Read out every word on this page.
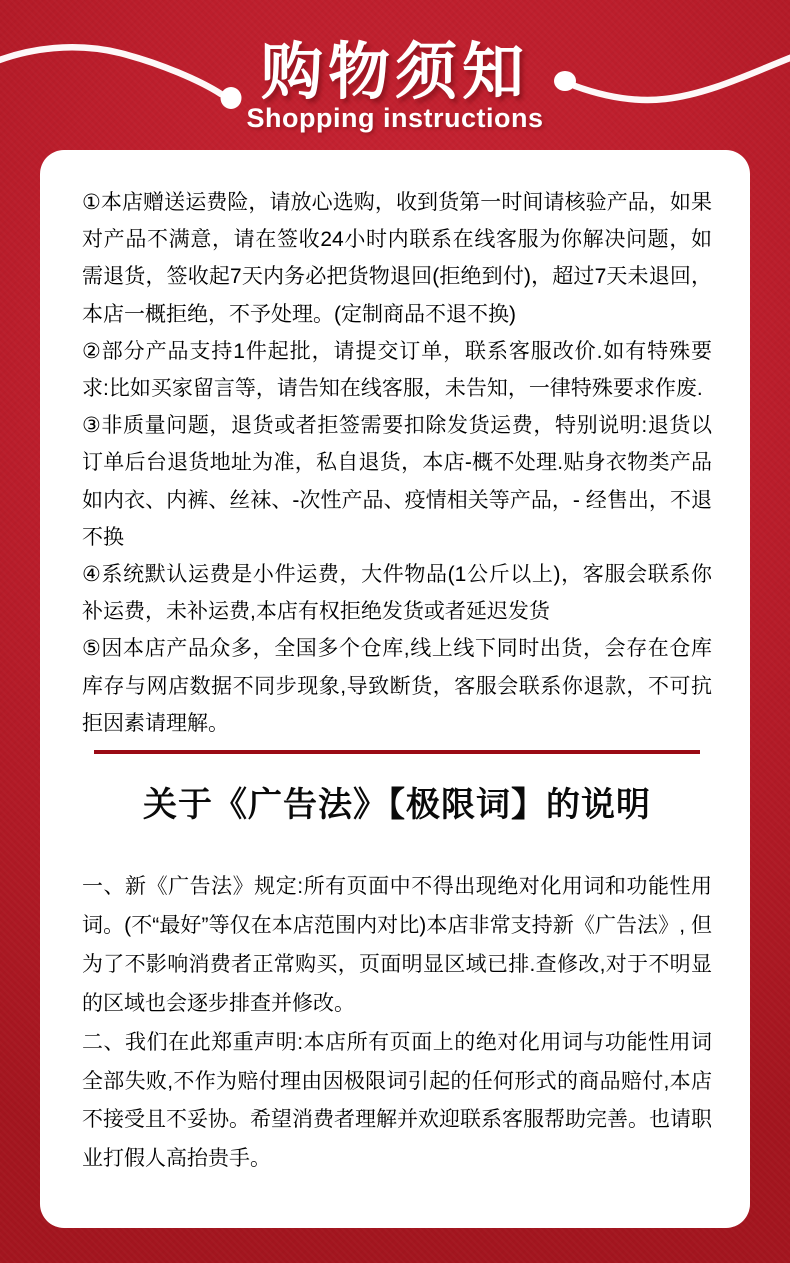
购物须知
Shopping instructions

①本店赠送运费险，请放心选购，收到货第一时间请核验产品，如果对产品不满意，请在签收24小时内联系在线客服为你解决问题，如需退货，签收起7天内务必把货物退回(拒绝到付)，超过7天未退回，本店一概拒绝，不予处理。(定制商品不退不换)

②部分产品支持1件起批，请提交订单，联系客服改价.如有特殊要求:比如买家留言等，请告知在线客服，未告知，一律特殊要求作废.

③非质量问题，退货或者拒签需要扣除发货运费，特别说明:退货以订单后台退货地址为准，私自退货，本店-概不处理.贴身衣物类产品如内衣、内裤、丝袜、-次性产品、疫情相关等产品，- 经售出，不退不换

④系统默认运费是小件运费，大件物品(1公斤以上)，客服会联系你补运费，未补运费,本店有权拒绝发货或者延迟发货

⑤因本店产品众多，全国多个仓库,线上线下同时出货，会存在仓库库存与网店数据不同步现象,导致断货，客服会联系你退款，不可抗拒因素请理解。

关于《广告法》【极限词】的说明

一、新《广告法》规定:所有页面中不得出现绝对化用词和功能性用词。(不“最好”等仅在本店范围内对比)本店非常支持新《广告法》, 但为了不影响消费者正常购买，页面明显区域已排.查修改,对于不明显的区域也会逐步排查并修改。

二、我们在此郑重声明:本店所有页面上的绝对化用词与功能性用词全部失败,不作为赔付理由因极限词引起的任何形式的商品赔付,本店不接受且不妥协。希望消费者理解并欢迎联系客服帮助完善。也请职业打假人高抬贵手。
